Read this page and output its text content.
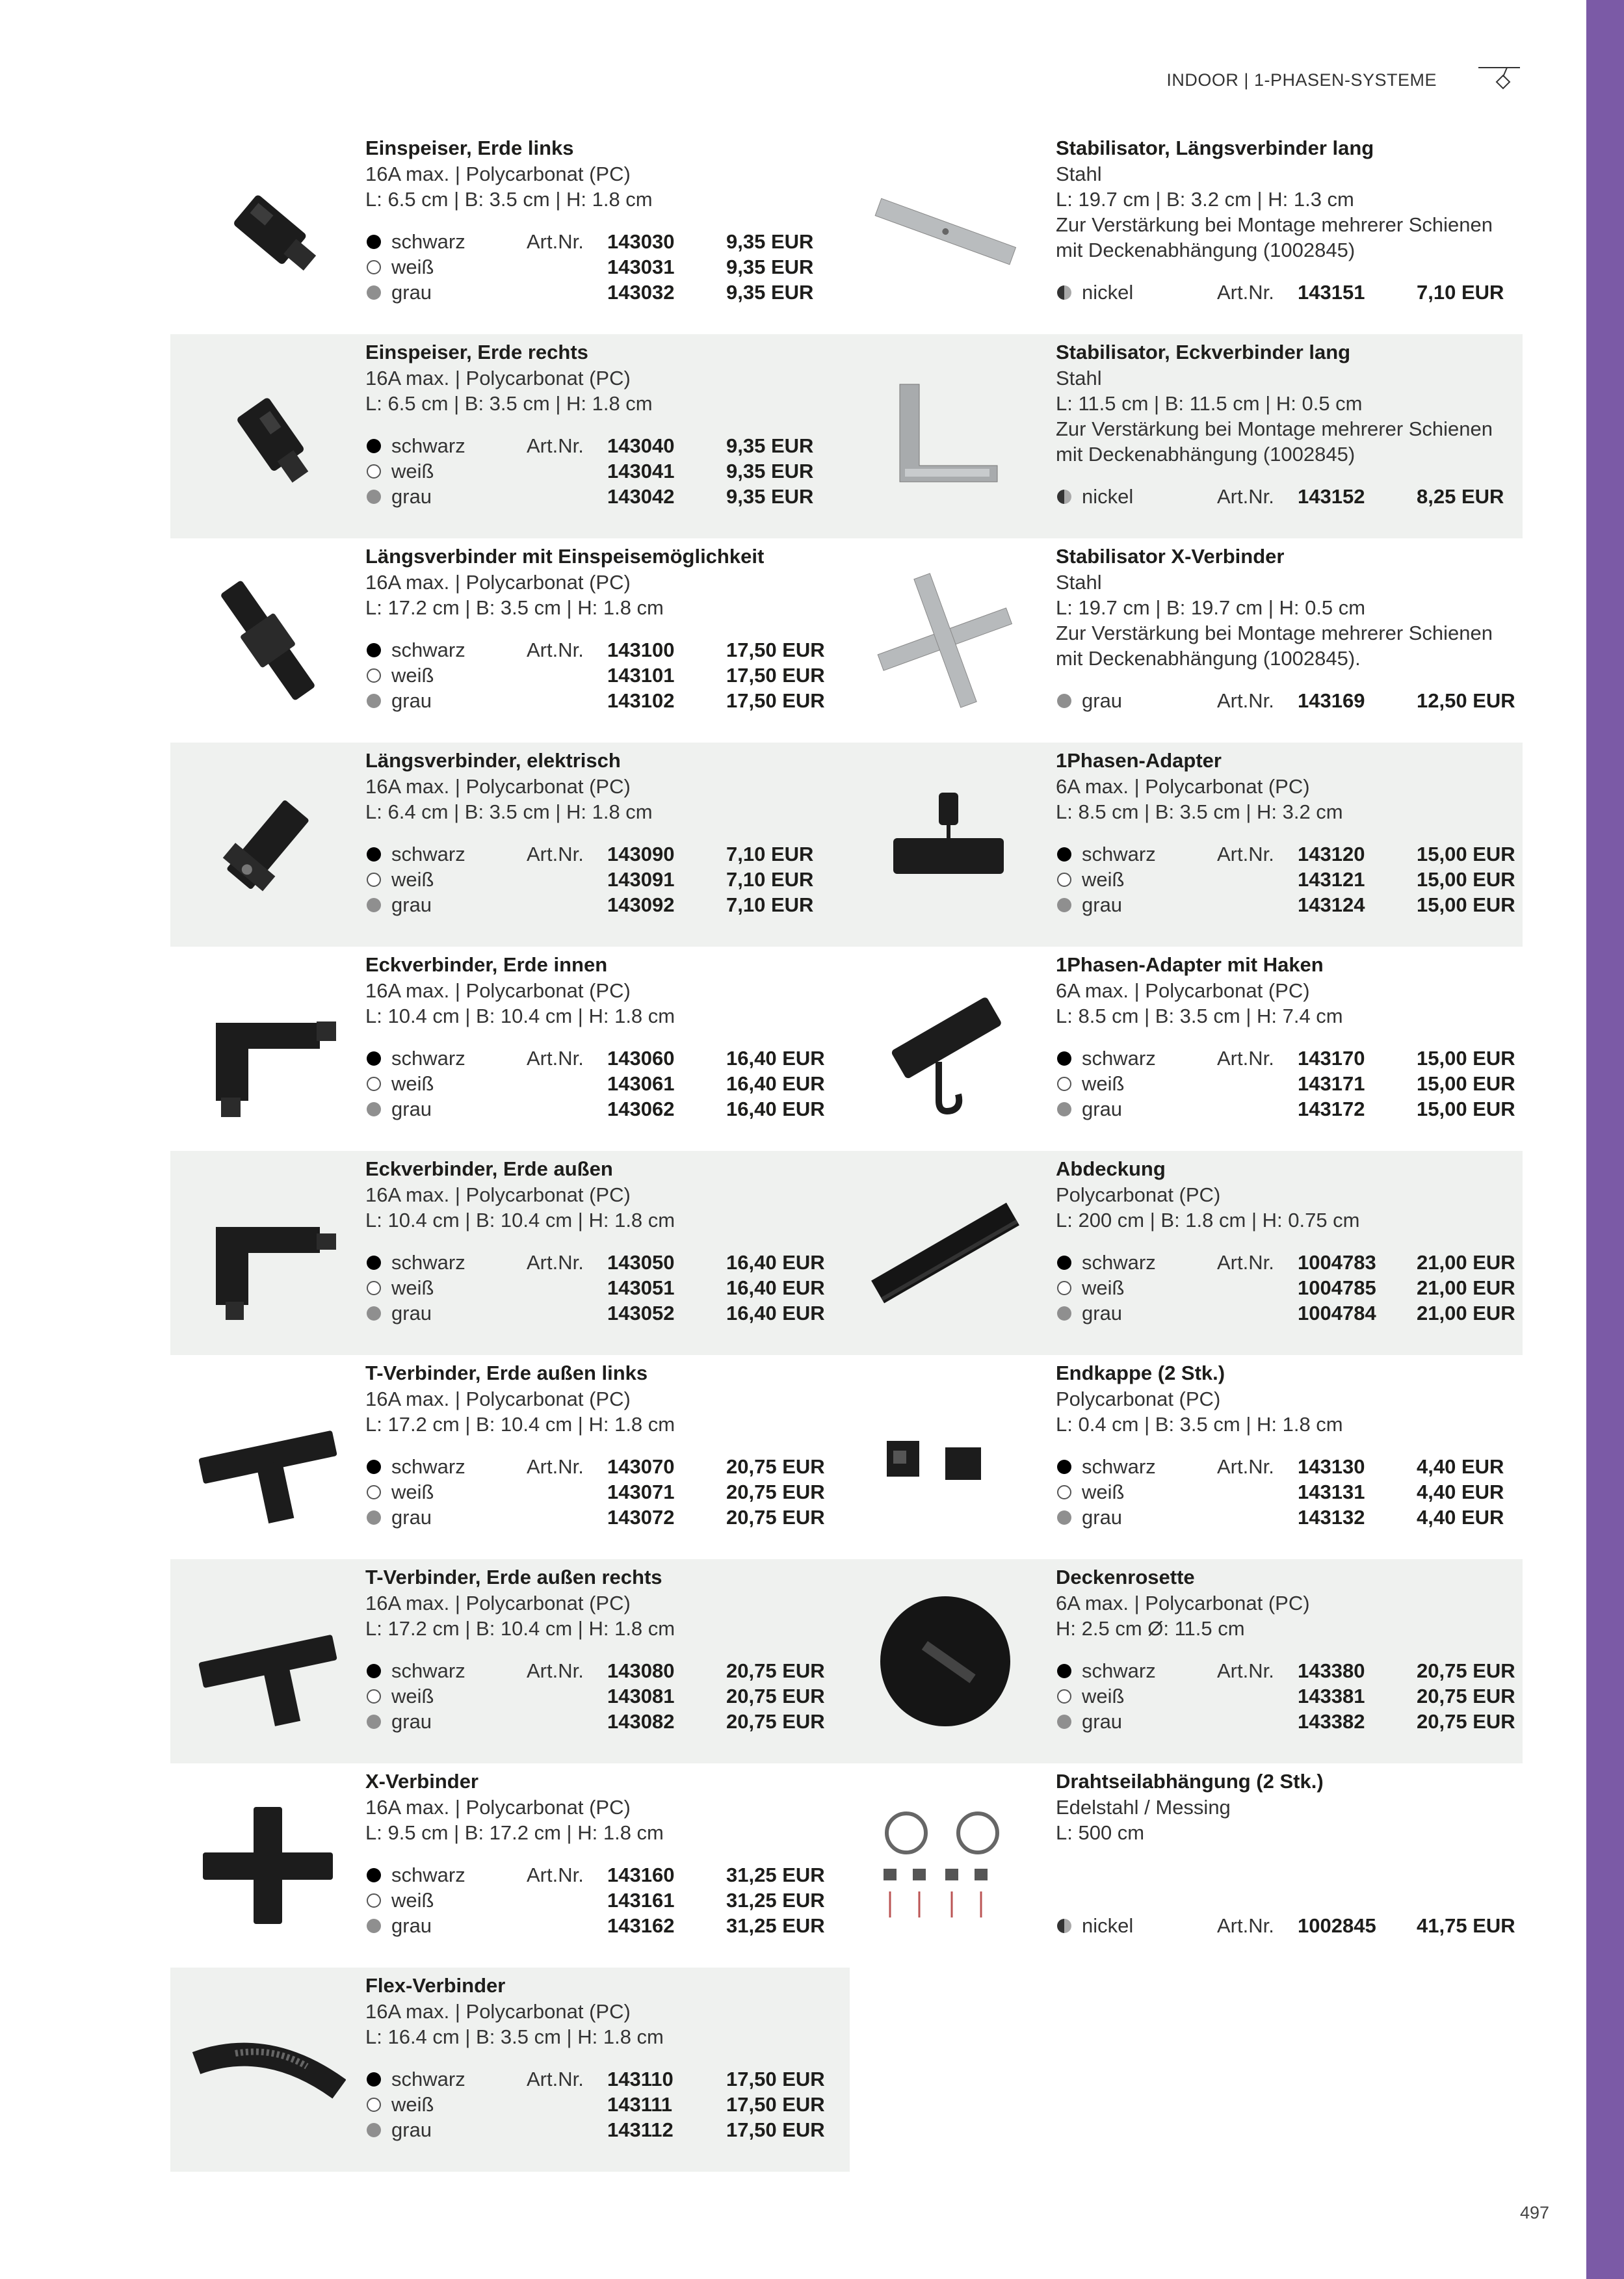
INDOOR | 1-PHASEN-SYSTEME
Einspeiser, Erde links
16A max. | Polycarbonat (PC)
L: 6.5 cm | B: 3.5 cm | H: 1.8 cm
schwarz	Art.Nr. 143030	9,35 EUR
weiß	143031	9,35 EUR
grau	143032	9,35 EUR
Einspeiser, Erde rechts
16A max. | Polycarbonat (PC)
L: 6.5 cm | B: 3.5 cm | H: 1.8 cm
schwarz	Art.Nr. 143040	9,35 EUR
weiß	143041	9,35 EUR
grau	143042	9,35 EUR
Längsverbinder mit Einspeisemöglichkeit
16A max. | Polycarbonat (PC)
L: 17.2 cm | B: 3.5 cm | H: 1.8 cm
schwarz	Art.Nr. 143100	17,50 EUR
weiß	143101	17,50 EUR
grau	143102	17,50 EUR
Längsverbinder, elektrisch
16A max. | Polycarbonat (PC)
L: 6.4 cm | B: 3.5 cm | H: 1.8 cm
schwarz	Art.Nr. 143090	7,10 EUR
weiß	143091	7,10 EUR
grau	143092	7,10 EUR
Eckverbinder, Erde innen
16A max. | Polycarbonat (PC)
L: 10.4 cm | B: 10.4 cm | H: 1.8 cm
schwarz	Art.Nr. 143060	16,40 EUR
weiß	143061	16,40 EUR
grau	143062	16,40 EUR
Eckverbinder, Erde außen
16A max. | Polycarbonat (PC)
L: 10.4 cm | B: 10.4 cm | H: 1.8 cm
schwarz	Art.Nr. 143050	16,40 EUR
weiß	143051	16,40 EUR
grau	143052	16,40 EUR
T-Verbinder, Erde außen links
16A max. | Polycarbonat (PC)
L: 17.2 cm | B: 10.4 cm | H: 1.8 cm
schwarz	Art.Nr. 143070	20,75 EUR
weiß	143071	20,75 EUR
grau	143072	20,75 EUR
T-Verbinder, Erde außen rechts
16A max. | Polycarbonat (PC)
L: 17.2 cm | B: 10.4 cm | H: 1.8 cm
schwarz	Art.Nr. 143080	20,75 EUR
weiß	143081	20,75 EUR
grau	143082	20,75 EUR
X-Verbinder
16A max. | Polycarbonat (PC)
L: 9.5 cm | B: 17.2 cm | H: 1.8 cm
schwarz	Art.Nr. 143160	31,25 EUR
weiß	143161	31,25 EUR
grau	143162	31,25 EUR
Flex-Verbinder
16A max. | Polycarbonat (PC)
L: 16.4 cm | B: 3.5 cm | H: 1.8 cm
schwarz	Art.Nr. 143110	17,50 EUR
weiß	143111	17,50 EUR
grau	143112	17,50 EUR
Stabilisator, Längsverbinder lang
Stahl
L: 19.7 cm | B: 3.2 cm | H: 1.3 cm
Zur Verstärkung bei Montage mehrerer Schienen
mit Deckenabhängung (1002845)
nickel	Art.Nr. 143151	7,10 EUR
Stabilisator, Eckverbinder lang
Stahl
L: 11.5 cm | B: 11.5 cm | H: 0.5 cm
Zur Verstärkung bei Montage mehrerer Schienen
mit Deckenabhängung (1002845)
nickel	Art.Nr. 143152	8,25 EUR
Stabilisator X-Verbinder
Stahl
L: 19.7 cm | B: 19.7 cm | H: 0.5 cm
Zur Verstärkung bei Montage mehrerer Schienen
mit Deckenabhängung (1002845).
grau	Art.Nr. 143169	12,50 EUR
1Phasen-Adapter
6A max. | Polycarbonat (PC)
L: 8.5 cm | B: 3.5 cm | H: 3.2 cm
schwarz	Art.Nr. 143120	15,00 EUR
weiß	143121	15,00 EUR
grau	143124	15,00 EUR
1Phasen-Adapter mit Haken
6A max. | Polycarbonat (PC)
L: 8.5 cm | B: 3.5 cm | H: 7.4 cm
schwarz	Art.Nr. 143170	15,00 EUR
weiß	143171	15,00 EUR
grau	143172	15,00 EUR
Abdeckung
Polycarbonat (PC)
L: 200 cm | B: 1.8 cm | H: 0.75 cm
schwarz	Art.Nr. 1004783 21,00 EUR
weiß	1004785 21,00 EUR
grau	1004784 21,00 EUR
Endkappe (2 Stk.)
Polycarbonat (PC)
L: 0.4 cm | B: 3.5 cm | H: 1.8 cm
schwarz	Art.Nr. 143130	4,40 EUR
weiß	143131	4,40 EUR
grau	143132	4,40 EUR
Deckenrosette
6A max. | Polycarbonat (PC)
H: 2.5 cm Ø: 11.5 cm
schwarz	Art.Nr. 143380	20,75 EUR
weiß	143381	20,75 EUR
grau	143382	20,75 EUR
Drahtseilabhängung (2 Stk.)
Edelstahl / Messing
L: 500 cm
nickel	Art.Nr. 1002845 41,75 EUR
497
